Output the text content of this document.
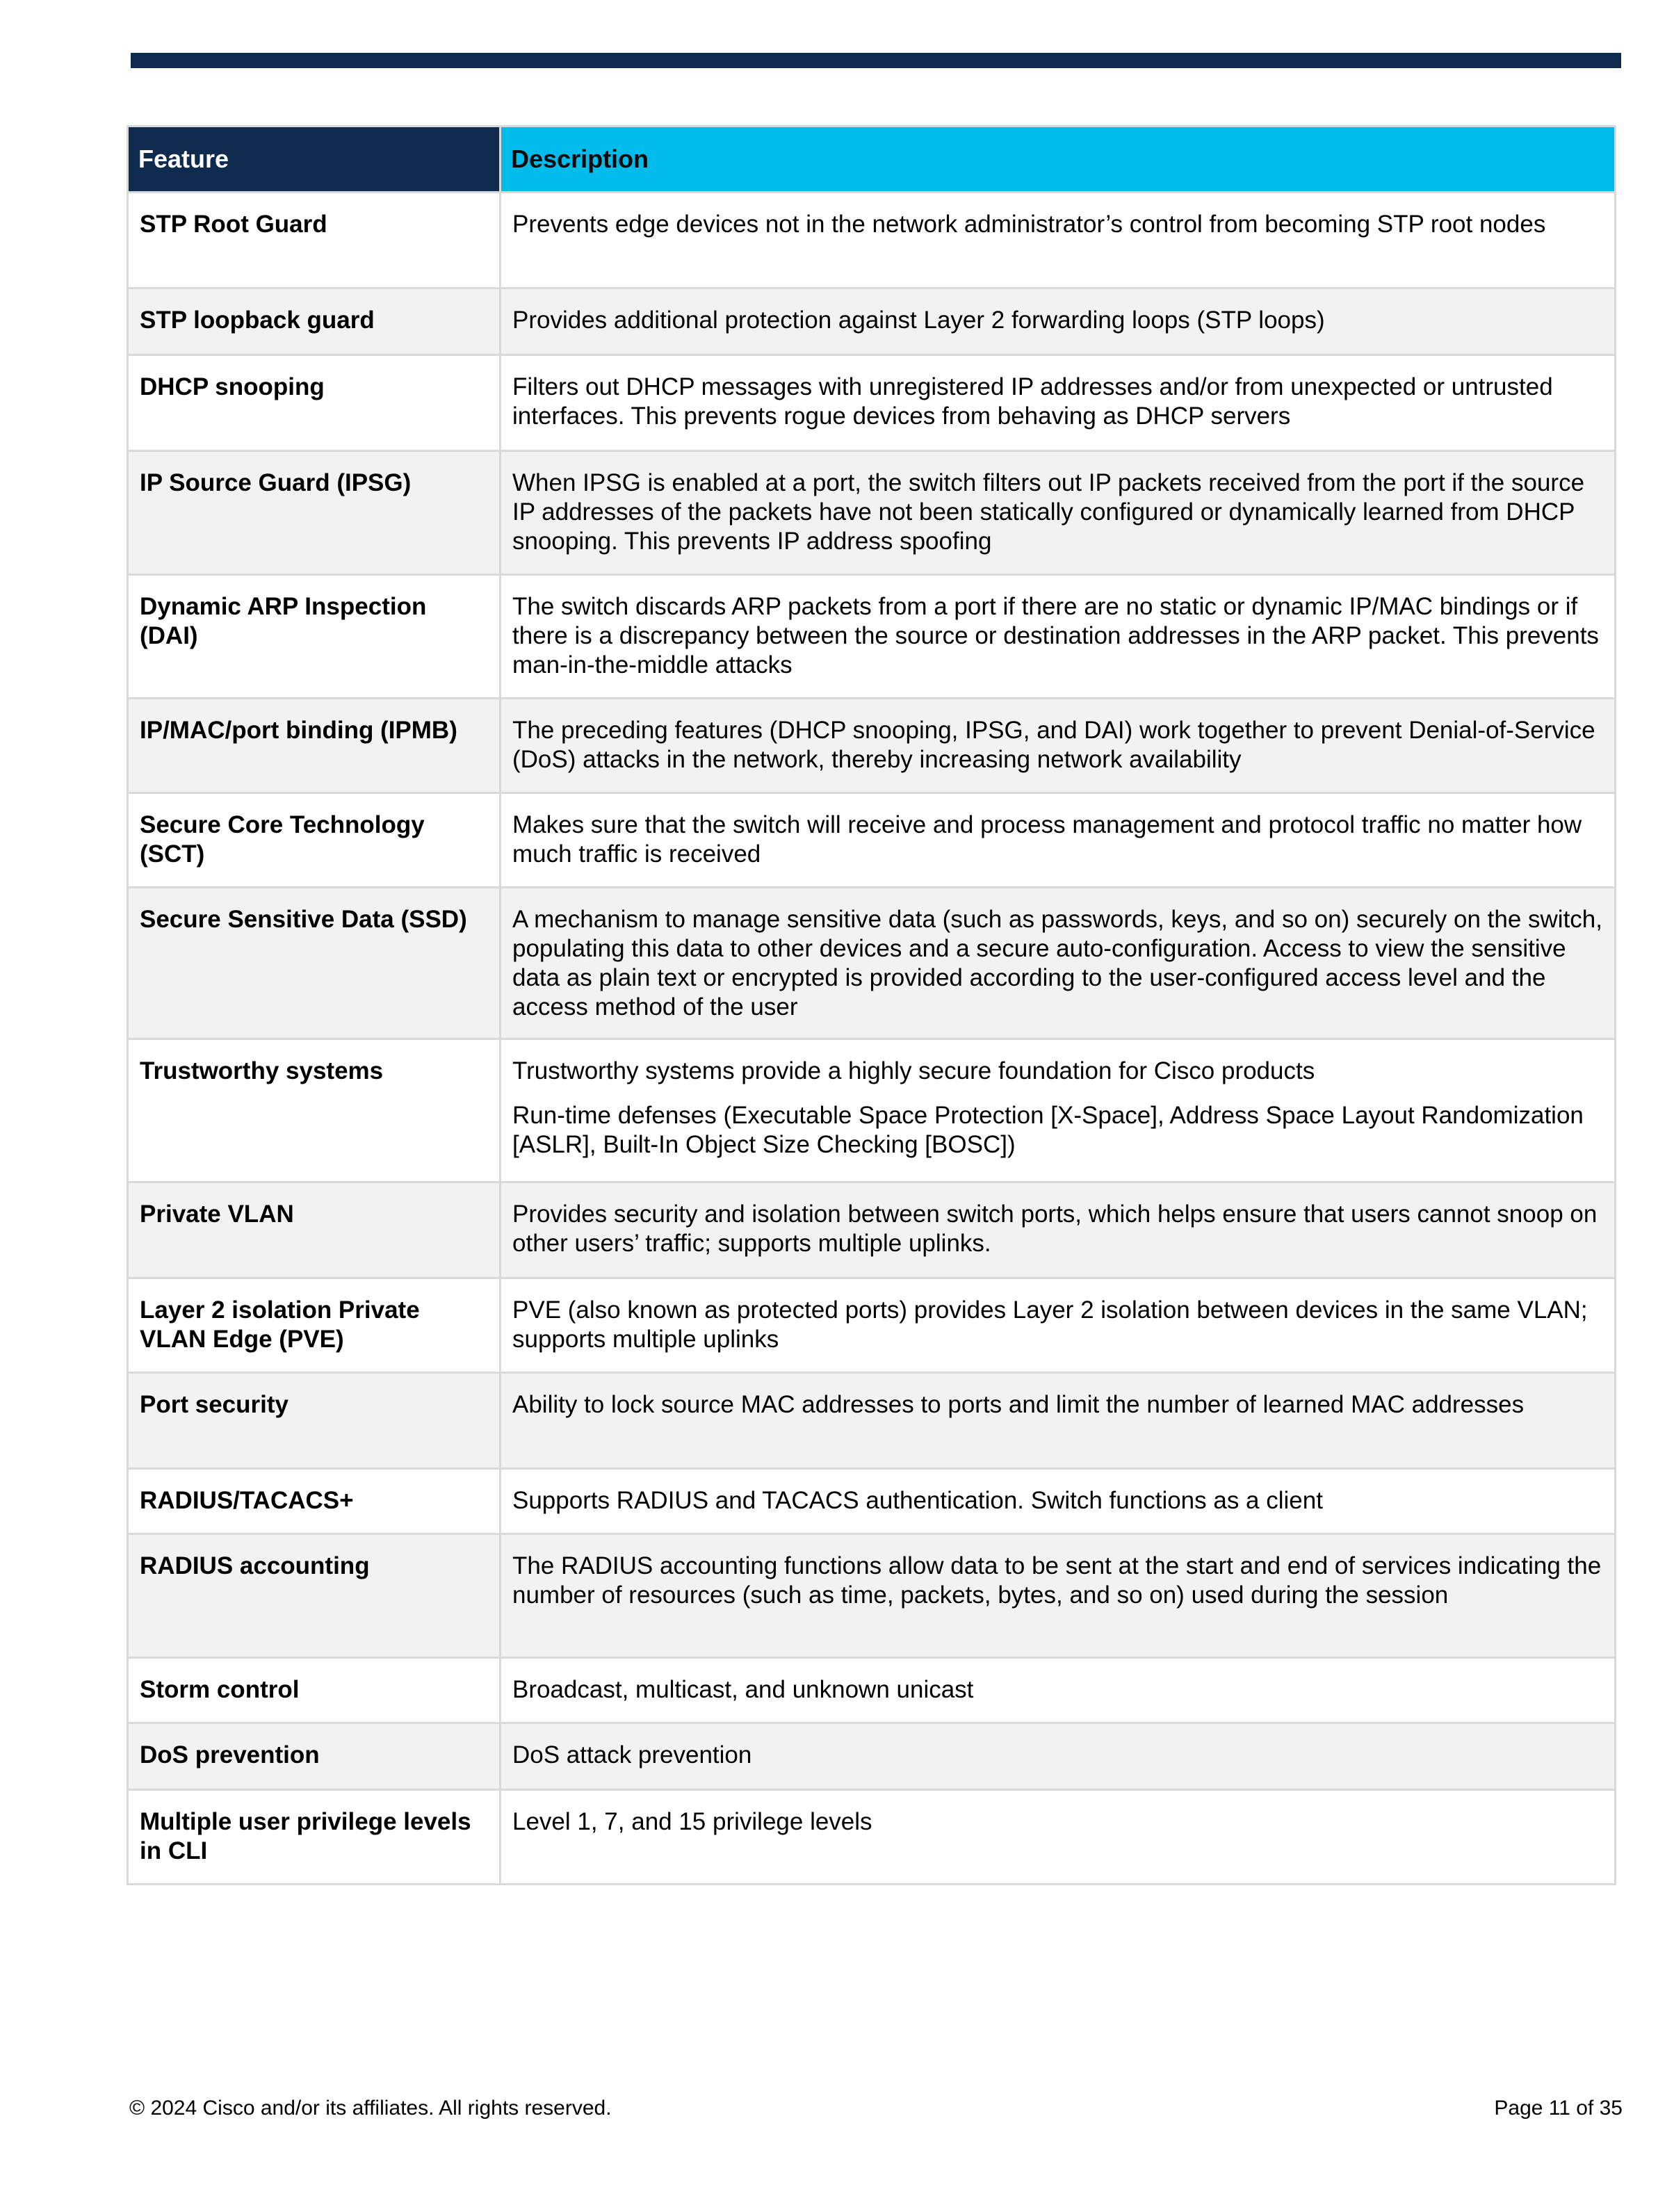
Feature	Description
STP Root Guard	Prevents edge devices not in the network administrator’s control from becoming STP root nodes

STP loopback guard	Provides additional protection against Layer 2 forwarding loops (STP loops)

DHCP snooping	Filters out DHCP messages with unregistered IP addresses and/or from unexpected or untrusted interfaces. This prevents rogue devices from behaving as DHCP servers

IP Source Guard (IPSG)	When IPSG is enabled at a port, the switch filters out IP packets received from the port if the source IP addresses of the packets have not been statically configured or dynamically learned from DHCP snooping. This prevents IP address spoofing

Dynamic ARP Inspection (DAI)	The switch discards ARP packets from a port if there are no static or dynamic IP/MAC bindings or if there is a discrepancy between the source or destination addresses in the ARP packet. This prevents man-in-the-middle attacks

IP/MAC/port binding (IPMB)	The preceding features (DHCP snooping, IPSG, and DAI) work together to prevent Denial-of-Service (DoS) attacks in the network, thereby increasing network availability

Secure Core Technology (SCT)	Makes sure that the switch will receive and process management and protocol traffic no matter how much traffic is received

Secure Sensitive Data (SSD)	A mechanism to manage sensitive data (such as passwords, keys, and so on) securely on the switch, populating this data to other devices and a secure auto-configuration. Access to view the sensitive data as plain text or encrypted is provided according to the user-configured access level and the access method of the user

Trustworthy systems	Trustworthy systems provide a highly secure foundation for Cisco products

Run-time defenses (Executable Space Protection [X-Space], Address Space Layout Randomization [ASLR], Built-In Object Size Checking [BOSC])

Private VLAN	Provides security and isolation between switch ports, which helps ensure that users cannot snoop on other users’ traffic; supports multiple uplinks.

Layer 2 isolation Private VLAN Edge (PVE)	PVE (also known as protected ports) provides Layer 2 isolation between devices in the same VLAN; supports multiple uplinks

Port security	Ability to lock source MAC addresses to ports and limit the number of learned MAC addresses

RADIUS/TACACS+	Supports RADIUS and TACACS authentication. Switch functions as a client

RADIUS accounting	The RADIUS accounting functions allow data to be sent at the start and end of services indicating the number of resources (such as time, packets, bytes, and so on) used during the session

Storm control	Broadcast, multicast, and unknown unicast

DoS prevention	DoS attack prevention

Multiple user privilege levels in CLI	Level 1, 7, and 15 privilege levels

© 2024 Cisco and/or its affiliates. All rights reserved.	Page 11 of 35
